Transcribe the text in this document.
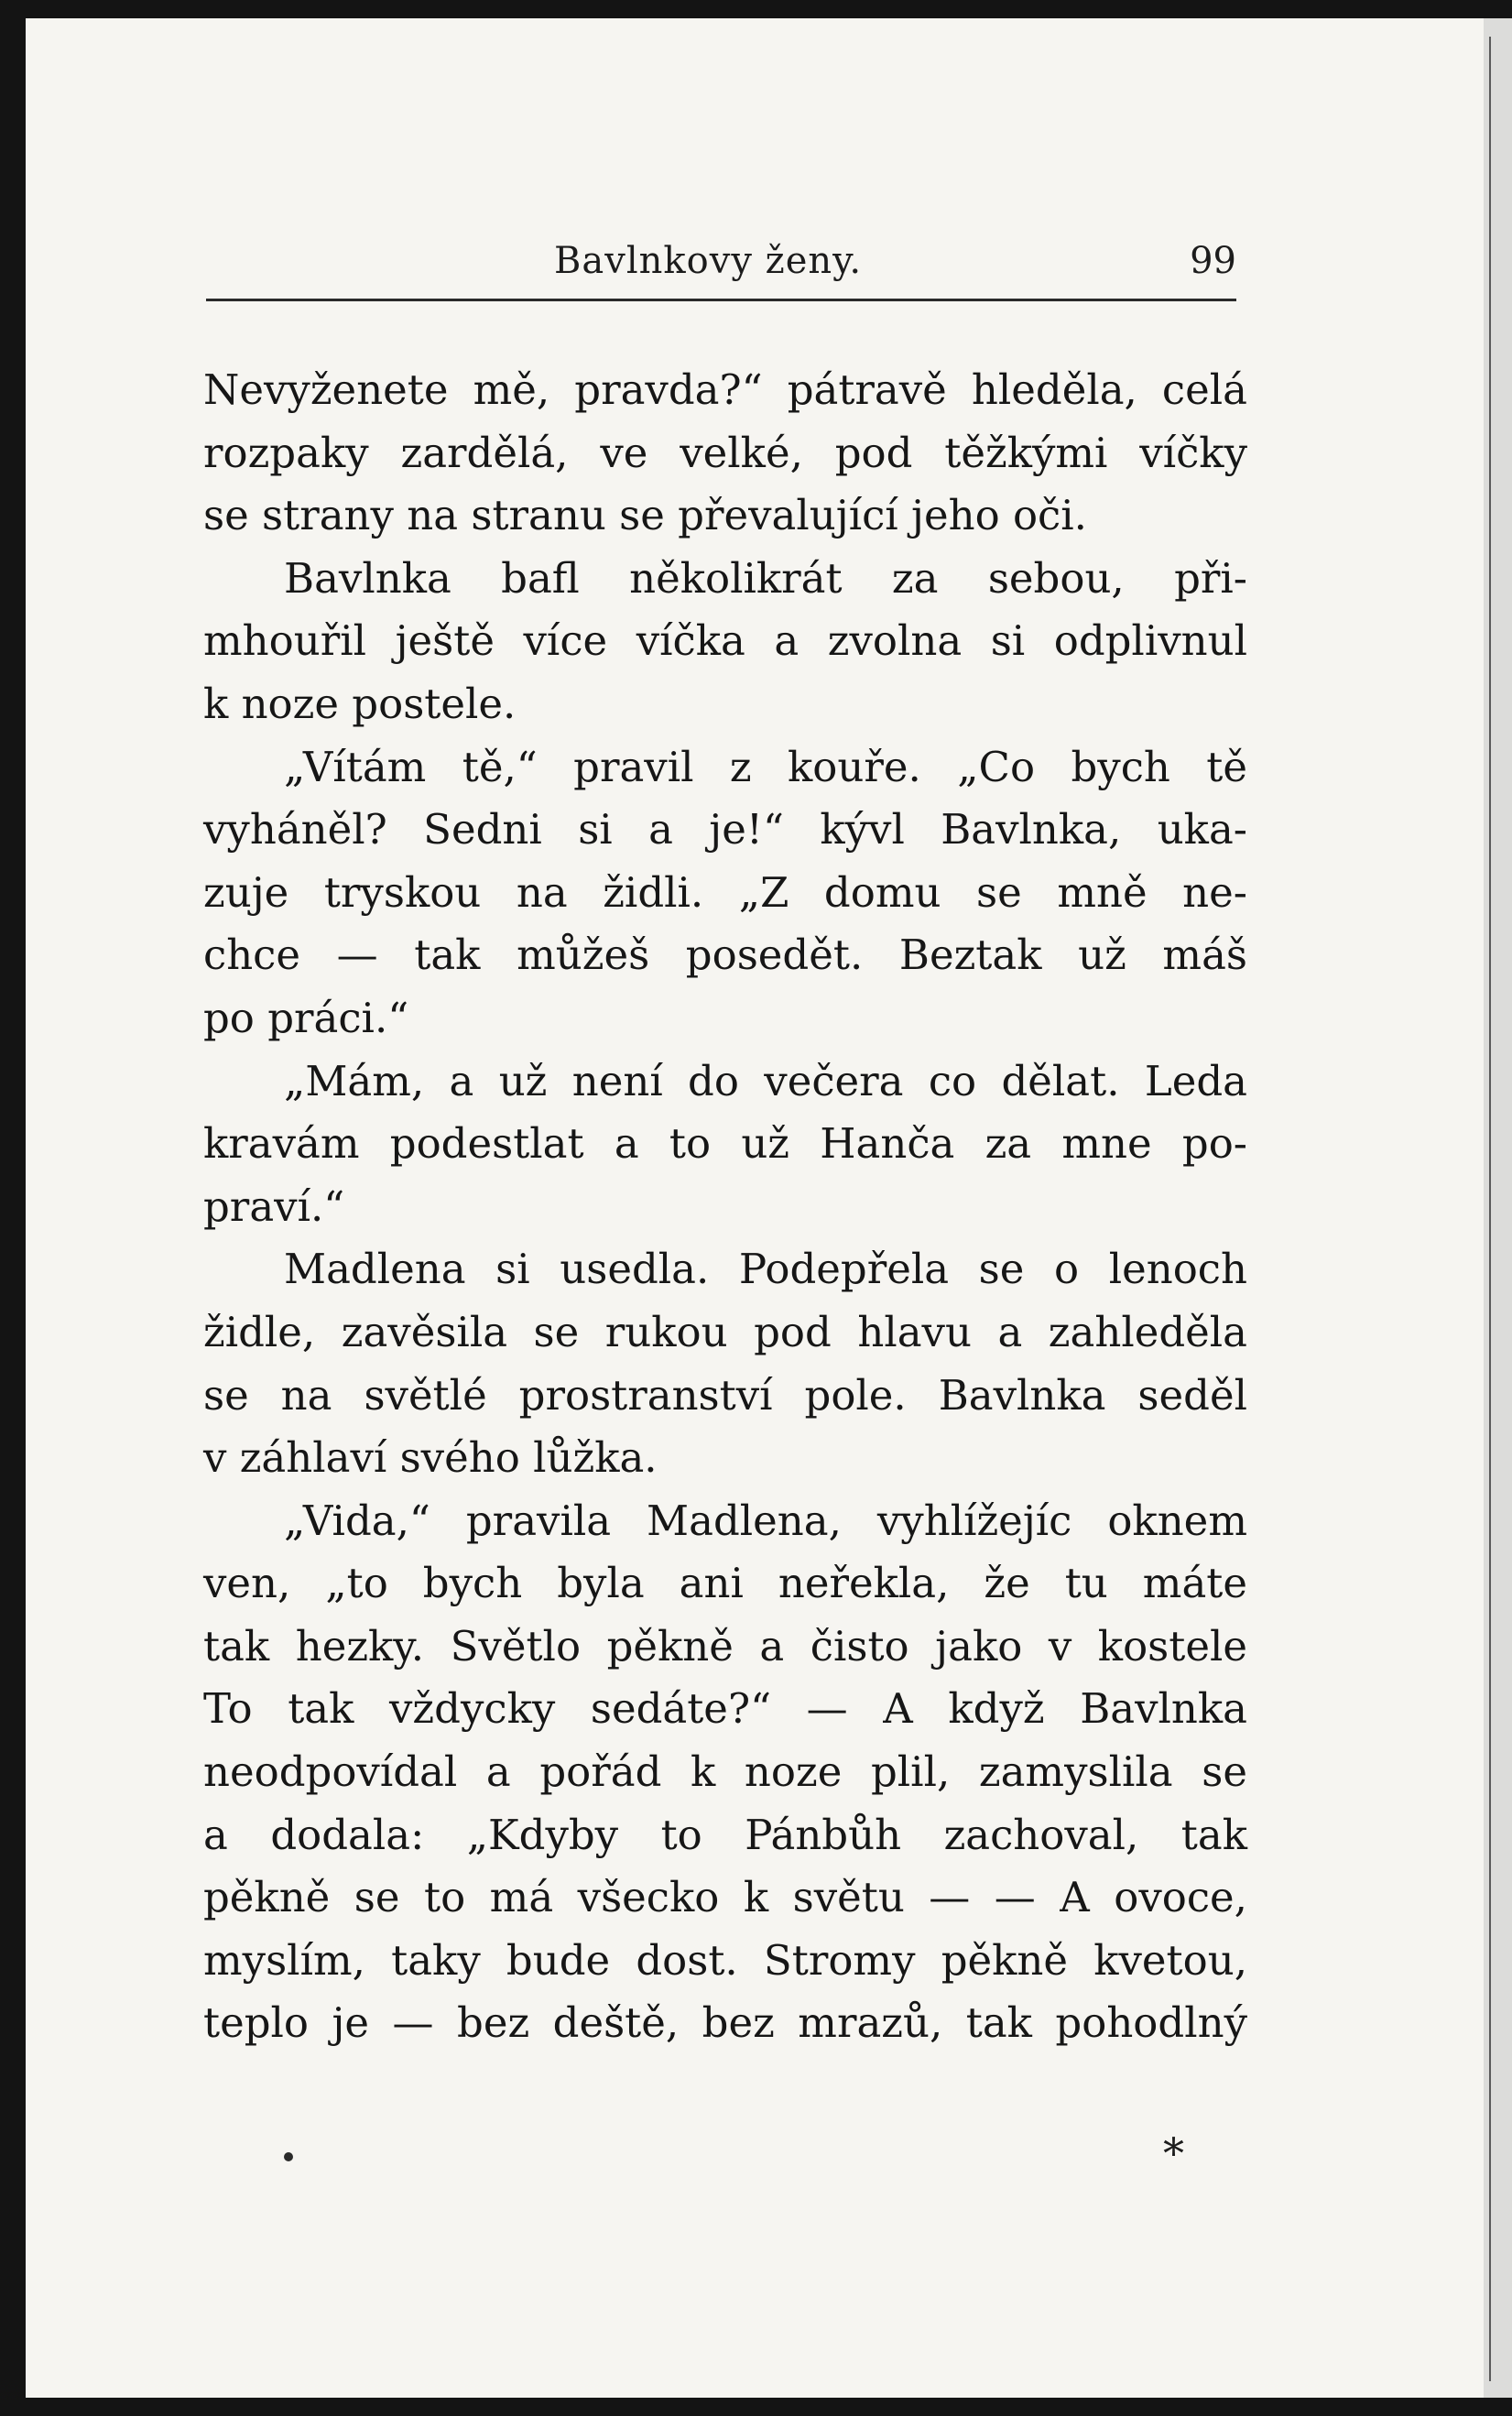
Bavlnkovy ženy.	99
Nevyženete mě, pravda?“ pátravě hleděla, celá
rozpaky zardělá, ve velké, pod těžkými víčky
se strany na stranu se převalující jeho oči.
Bavlnka bafl několikrát za sebou, při-
mhouřil ještě více víčka a zvolna si odplivnul
k noze postele.
„Vítám tě,“ pravil z kouře. „Co bych tě
vyháněl? Sedni si a je!“ kývl Bavlnka, uka-
zuje tryskou na židli. „Z domu se mně ne-
chce — tak můžeš posedět. Beztak už máš
po práci.“
„Mám, a už není do večera co dělat. Leda
kravám podestlat a to už Hanča za mne po-
praví.“
Madlena si usedla. Podepřela se o lenoch
židle, zavěsila se rukou pod hlavu a zahleděla
se na světlé prostranství pole. Bavlnka seděl
v záhlaví svého lůžka.
„Vida,“ pravila Madlena, vyhlížejíc oknem
ven, „to bych byla ani neřekla, že tu máte
tak hezky. Světlo pěkně a čisto jako v kostele
To tak vždycky sedáte?“ — A když Bavlnka
neodpovídal a pořád k noze plil, zamyslila se
a dodala: „Kdyby to Pánbůh zachoval, tak
pěkně se to má všecko k světu — — A ovoce,
myslím, taky bude dost. Stromy pěkně kvetou,
teplo je — bez deště, bez mrazů, tak pohodlný
*
